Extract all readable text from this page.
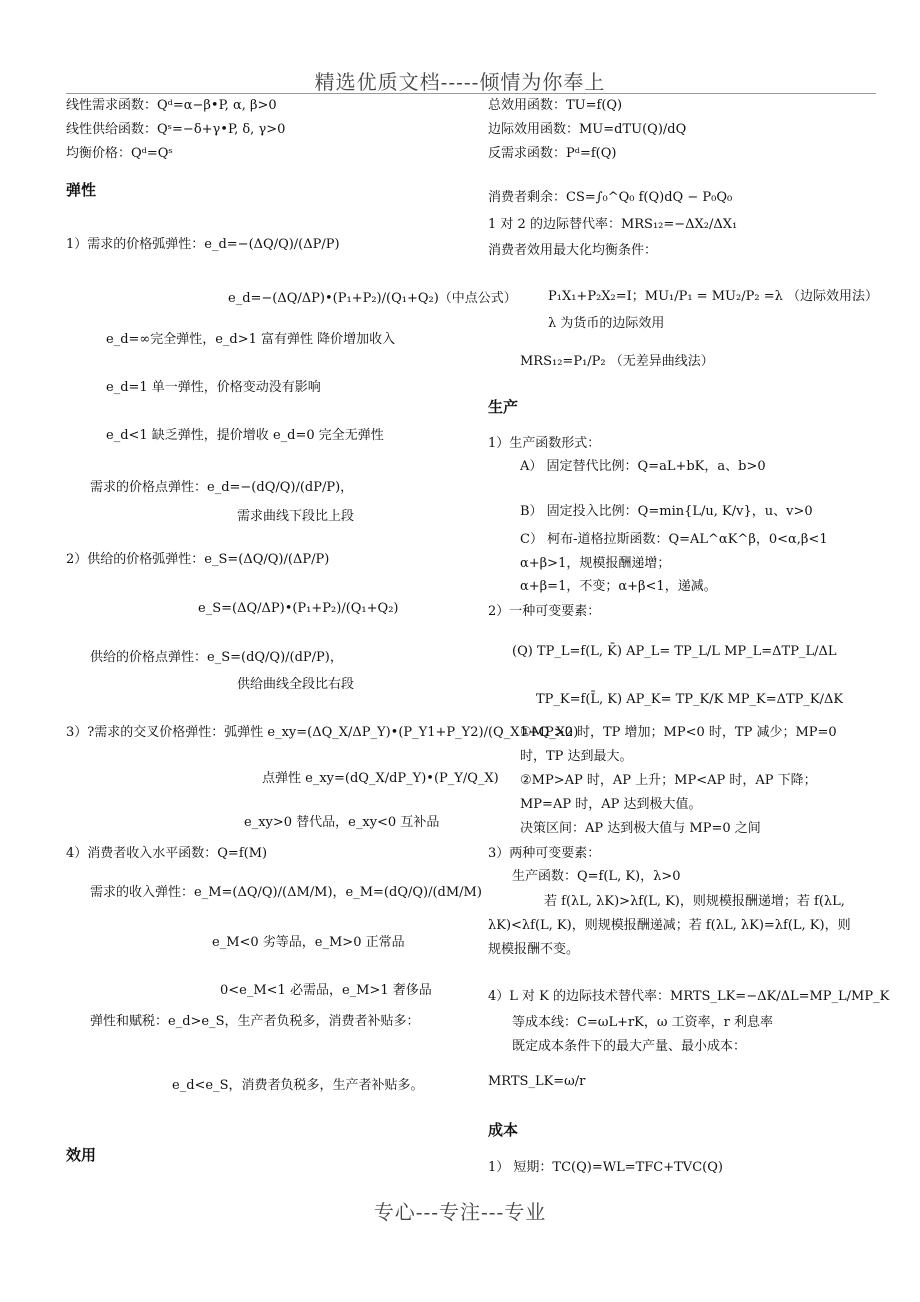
精选优质文档-----倾情为你奉上
线性需求函数：Qᵈ=α−β•P, α, β>0
线性供给函数：Qˢ=−δ+γ•P, δ, γ>0
均衡价格：Qᵈ=Qˢ
弹性
1）需求的价格弧弹性：e_d=−(ΔQ/Q)/(ΔP/P)
e_d=−(ΔQ/ΔP)•(P₁+P₂)/(Q₁+Q₂)（中点公式）
e_d=∞完全弹性，e_d>1 富有弹性 降价增加收入
e_d=1 单一弹性，价格变动没有影响
e_d<1 缺乏弹性，提价增收 e_d=0 完全无弹性
需求的价格点弹性：e_d=−(dQ/Q)/(dP/P)，
需求曲线下段比上段
2）供给的价格弧弹性：e_S=(ΔQ/Q)/(ΔP/P)
e_S=(ΔQ/ΔP)•(P₁+P₂)/(Q₁+Q₂)
供给的价格点弹性：e_S=(dQ/Q)/(dP/P)，
供给曲线全段比右段
3）?需求的交叉价格弹性：弧弹性 e_xy=(ΔQ_X/ΔP_Y)•(P_Y1+P_Y2)/(Q_X1+Q_X2)
点弹性 e_xy=(dQ_X/dP_Y)•(P_Y/Q_X)
e_xy>0 替代品，e_xy<0 互补品
4）消费者收入水平函数：Q=f(M)
需求的收入弹性：e_M=(ΔQ/Q)/(ΔM/M)，e_M=(dQ/Q)/(dM/M)
e_M<0 劣等品，e_M>0 正常品
0<e_M<1 必需品，e_M>1 奢侈品
弹性和赋税：e_d>e_S，生产者负税多，消费者补贴多：
e_d<e_S，消费者负税多，生产者补贴多。
效用
总效用函数：TU=f(Q)
边际效用函数：MU=dTU(Q)/dQ
反需求函数：Pᵈ=f(Q)
消费者剩余：CS=∫₀^Q₀ f(Q)dQ − P₀Q₀
1 对 2 的边际替代率：MRS₁₂=−ΔX₂/ΔX₁
消费者效用最大化均衡条件：
P₁X₁+P₂X₂=I；MU₁/P₁ = MU₂/P₂ =λ （边际效用法）
λ 为货币的边际效用
MRS₁₂=P₁/P₂ （无差异曲线法）
生产
1）生产函数形式：
A） 固定替代比例：Q=aL+bK，a、b>0
B） 固定投入比例：Q=min{L/u, K/v}，u、v>0
C） 柯布-道格拉斯函数：Q=AL^αK^β，0<α,β<1
α+β>1，规模报酬递增；
α+β=1，不变；α+β<1，递减。
2）一种可变要素：
(Q) TP_L=f(L, K̄) AP_L= TP_L/L MP_L=ΔTP_L/ΔL
TP_K=f(L̄, K) AP_K= TP_K/K MP_K=ΔTP_K/ΔK
①MP>0 时，TP 增加；MP<0 时，TP 减少；MP=0
时，TP 达到最大。
②MP>AP 时，AP 上升；MP<AP 时，AP 下降；
MP=AP 时，AP 达到极大值。
决策区间：AP 达到极大值与 MP=0 之间
3）两种可变要素：
生产函数：Q=f(L, K)，λ>0
若 f(λL, λK)>λf(L, K)，则规模报酬递增；若 f(λL,
λK)<λf(L, K)，则规模报酬递减；若 f(λL, λK)=λf(L, K)，则
规模报酬不变。
4）L 对 K 的边际技术替代率：MRTS_LK=−ΔK/ΔL=MP_L/MP_K
等成本线：C=ωL+rK，ω 工资率，r 利息率
既定成本条件下的最大产量、最小成本：
MRTS_LK=ω/r
成本
1） 短期：TC(Q)=WL=TFC+TVC(Q)
专心---专注---专业
